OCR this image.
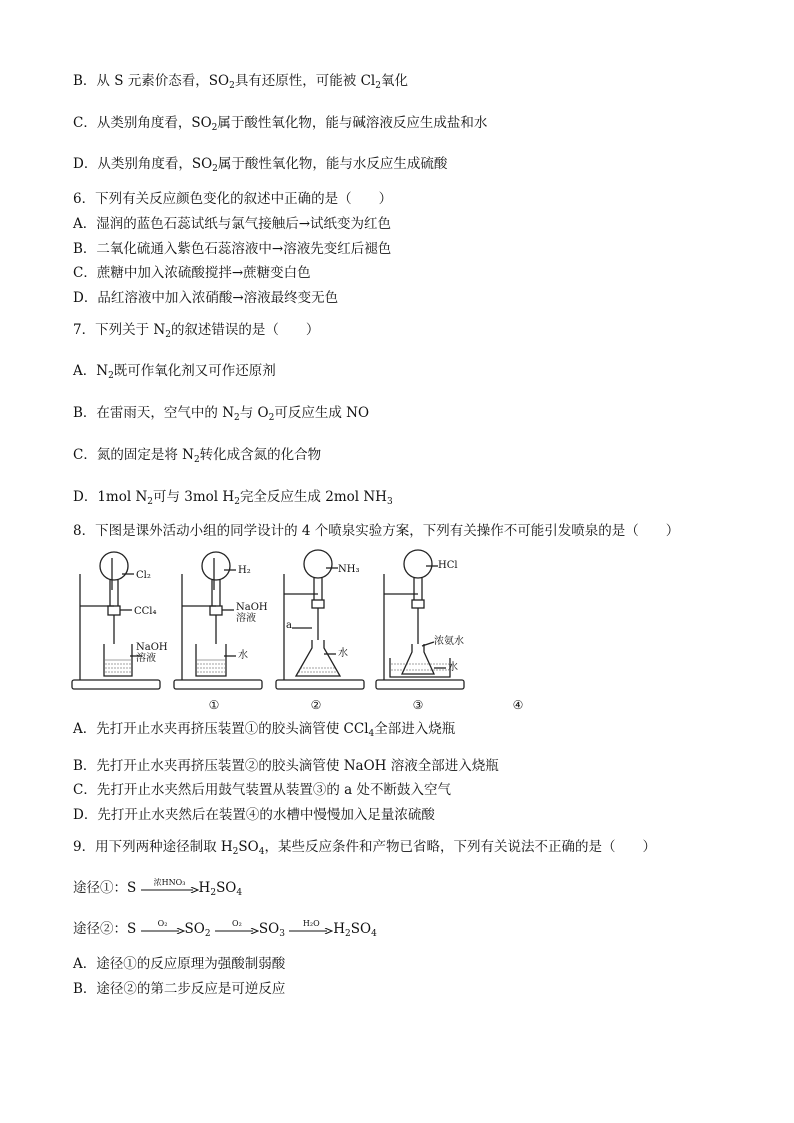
B．从 S 元素价态看，$SO_2$具有还原性，可能被 $Cl_2$氧化
C．从类别角度看，$SO_2$属于酸性氧化物，能与碱溶液反应生成盐和水
D．从类别角度看，$SO_2$属于酸性氧化物，能与水反应生成硫酸
6．下列有关反应颜色变化的叙述中正确的是（　　）
A．湿润的蓝色石蕊试纸与氯气接触后→试纸变为红色
B．二氧化硫通入紫色石蕊溶液中→溶液先变红后褪色
C．蔗糖中加入浓硫酸搅拌→蔗糖变白色
D．品红溶液中加入浓硝酸→溶液最终变无色
7．下列关于 $N_2$的叙述错误的是（　　）
A．$N_2$既可作氧化剂又可作还原剂
B．在雷雨天，空气中的 $N_2$与 $O_2$可反应生成 NO
C．氮的固定是将 $N_2$转化成含氮的化合物
D．1mol $N_2$可与 3mol $H_2$完全反应生成 2mol $NH_3$
8．下图是课外活动小组的同学设计的 4 个喷泉实验方案，下列有关操作不可能引发喷泉的是（　　）
Cl₂
CCl₄
NaOH 溶液
①
H₂
NaOH 溶液
水
②
NH₃
a
水
③
HCl
浓氨水
水
④
A．先打开止水夹再挤压装置①的胶头滴管使 CCl$_4$全部进入烧瓶
B．先打开止水夹再挤压装置②的胶头滴管使 NaOH 溶液全部进入烧瓶
C．先打开止水夹然后用鼓气装置从装置③的 a 处不断鼓入空气
D．先打开止水夹然后在装置④的水槽中慢慢加入足量浓硫酸
9．用下列两种途径制取 $H_2SO_4$，某些反应条件和产物已省略，下列有关说法不正确的是（　　）
途径①：S	浓HNO₃ $H_2SO_4$
途径②：S	O₂	$SO_2$
O₂	$SO_3$
H₂O	$H_2SO_4$
A．途径①的反应原理为强酸制弱酸
B．途径②的第二步反应是可逆反应
